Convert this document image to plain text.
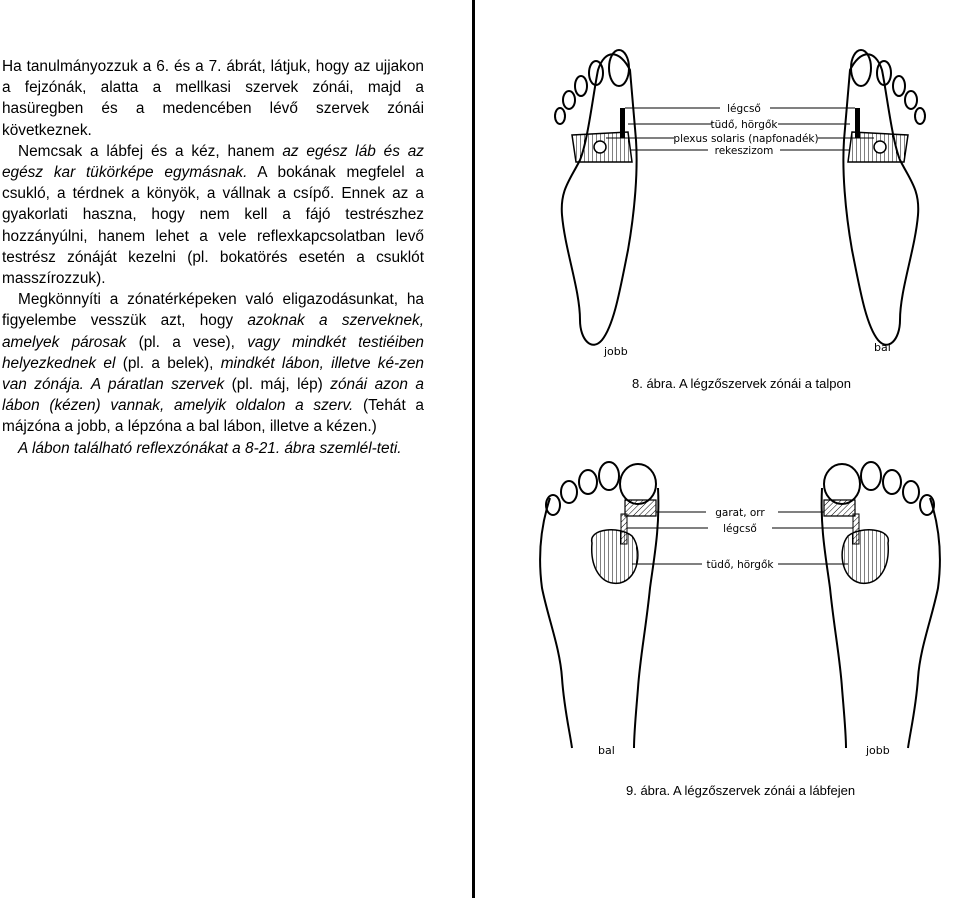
Ha tanulmányozzuk a 6. és a 7. ábrát, látjuk, hogy az ujjakon a fejzónák, alatta a mellkasi szervek zónái, majd a hasüregben és a medencében lévő szervek zónái következnek.

Nemcsak a lábfej és a kéz, hanem az egész láb és az egész kar tükörképe egymásnak. A bokának megfelel a csukló, a térdnek a könyök, a vállnak a csípő. Ennek az a gyakorlati haszna, hogy nem kell a fájó testrészhez hozzányúlni, hanem lehet a vele reflexkapcsolatban levő testrész zónáját kezelni (pl. bokatörés esetén a csuklót masszírozzuk).

Megkönnyíti a zónatérképeken való eligazodásunkat, ha figyelembe vesszük azt, hogy azoknak a szerveknek, amelyek párosak (pl. a vese), vagy mindkét testiéiben helyezkednek el (pl. a belek), mindkét lábon, illetve ké-zen van zónája. A páratlan szervek (pl. máj, lép) zónái azon a lábon (kézen) vannak, amelyik oldalon a szerv. (Tehát a májzóna a jobb, a lépzóna a bal lábon, illetve a kézen.)

A lábon található reflexzónákat a 8-21. ábra szemlél-teti.

légcső
tüdő, hörgők
plexus solaris (napfonadék)
rekeszizom
jobb	bal
8. ábra. A légzőszervek zónái a talpon
garat, orr
légcső
tüdő, hörgők
bal	jobb
9. ábra. A légzőszervek zónái a lábfejen
